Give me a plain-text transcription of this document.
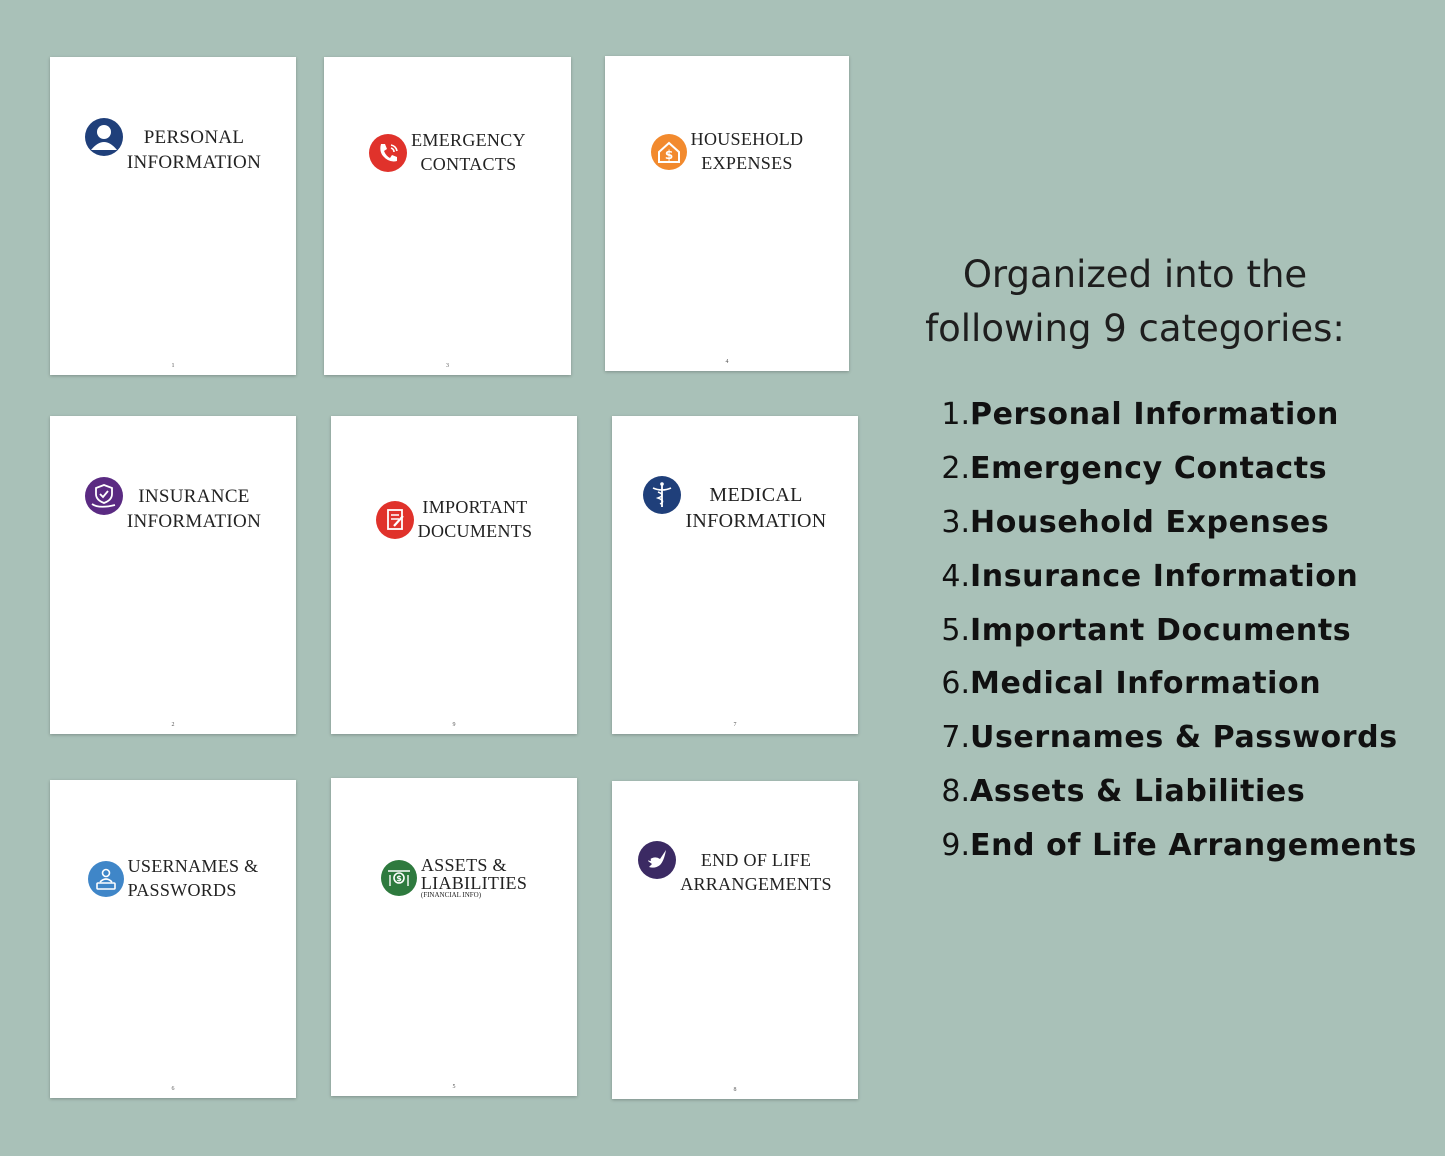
PERSONAL
INFORMATION
1
EMERGENCY
CONTACTS
3
$
HOUSEHOLD
EXPENSES
4
INSURANCE
INFORMATION
2
IMPORTANT
DOCUMENTS
9
MEDICAL
INFORMATION
7
USERNAMES &
PASSWORDS
6
$
ASSETS &
LIABILITIES
(FINANCIAL INFO)
5
END OF LIFE
ARRANGEMENTS
8
Organized into the
following 9 categories:
1. Personal Information
2. Emergency Contacts
3. Household Expenses
4. Insurance Information
5. Important Documents
6. Medical Information
7. Usernames & Passwords
8. Assets & Liabilities
9. End of Life Arrangements
